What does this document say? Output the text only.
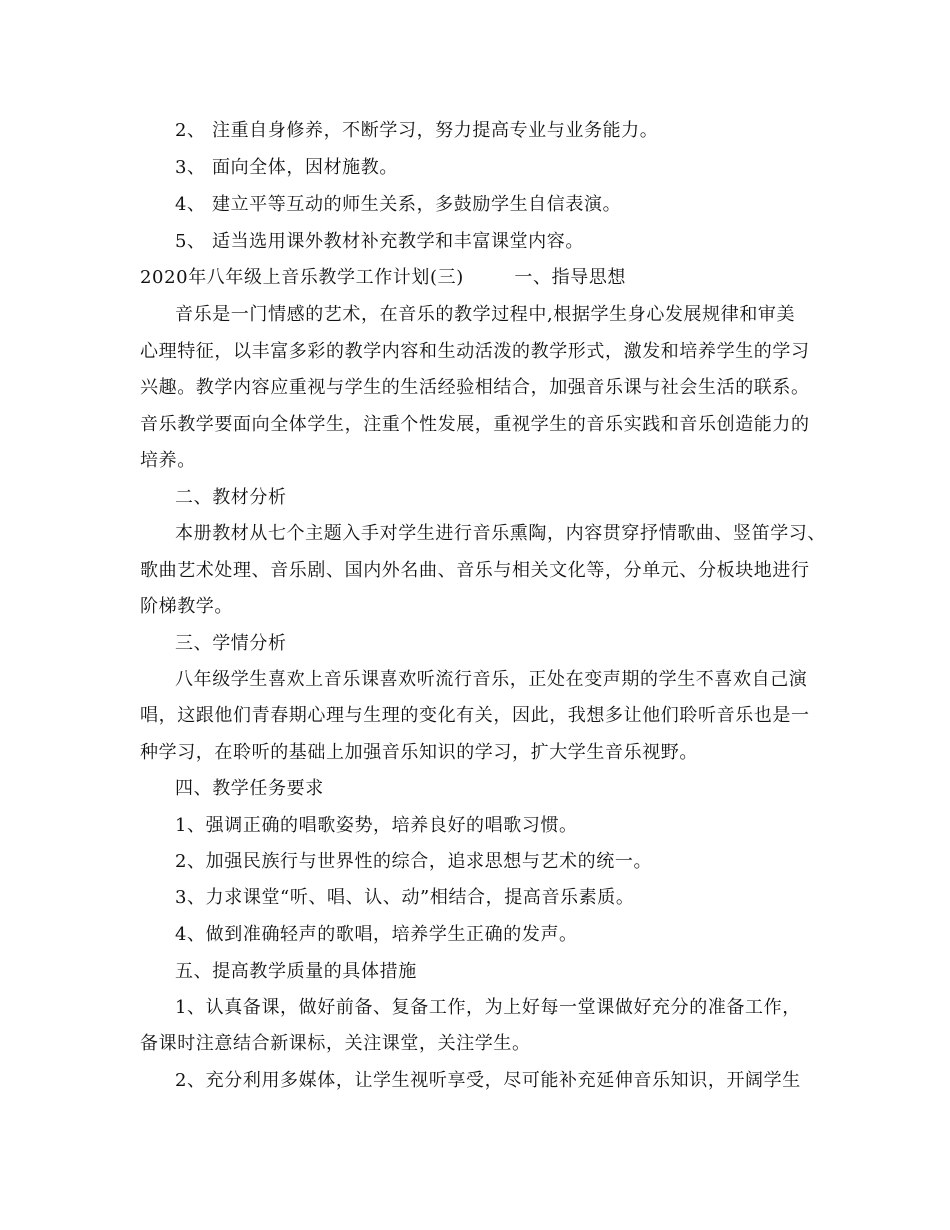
2、 注重自身修养，不断学习，努力提高专业与业务能力。
3、 面向全体，因材施教。
4、 建立平等互动的师生关系，多鼓励学生自信表演。
5、 适当选用课外教材补充教学和丰富课堂内容。
2020年八年级上音乐教学工作计划(三)        一、指导思想
音乐是一门情感的艺术，在音乐的教学过程中,根据学生身心发展规律和审美
心理特征，以丰富多彩的教学内容和生动活泼的教学形式，激发和培养学生的学习
兴趣。教学内容应重视与学生的生活经验相结合，加强音乐课与社会生活的联系。
音乐教学要面向全体学生，注重个性发展，重视学生的音乐实践和音乐创造能力的
培养。
二、教材分析
本册教材从七个主题入手对学生进行音乐熏陶，内容贯穿抒情歌曲、竖笛学习、
歌曲艺术处理、音乐剧、国内外名曲、音乐与相关文化等，分单元、分板块地进行
阶梯教学。
三、学情分析
八年级学生喜欢上音乐课喜欢听流行音乐，正处在变声期的学生不喜欢自己演
唱，这跟他们青春期心理与生理的变化有关，因此，我想多让他们聆听音乐也是一
种学习，在聆听的基础上加强音乐知识的学习，扩大学生音乐视野。
四、教学任务要求
1、强调正确的唱歌姿势，培养良好的唱歌习惯。
2、加强民族行与世界性的综合，追求思想与艺术的统一。
3、力求课堂“听、唱、认、动”相结合，提高音乐素质。
4、做到准确轻声的歌唱，培养学生正确的发声。
五、提高教学质量的具体措施
1、认真备课，做好前备、复备工作，为上好每一堂课做好充分的准备工作，
备课时注意结合新课标，关注课堂，关注学生。
2、充分利用多媒体，让学生视听享受，尽可能补充延伸音乐知识，开阔学生
